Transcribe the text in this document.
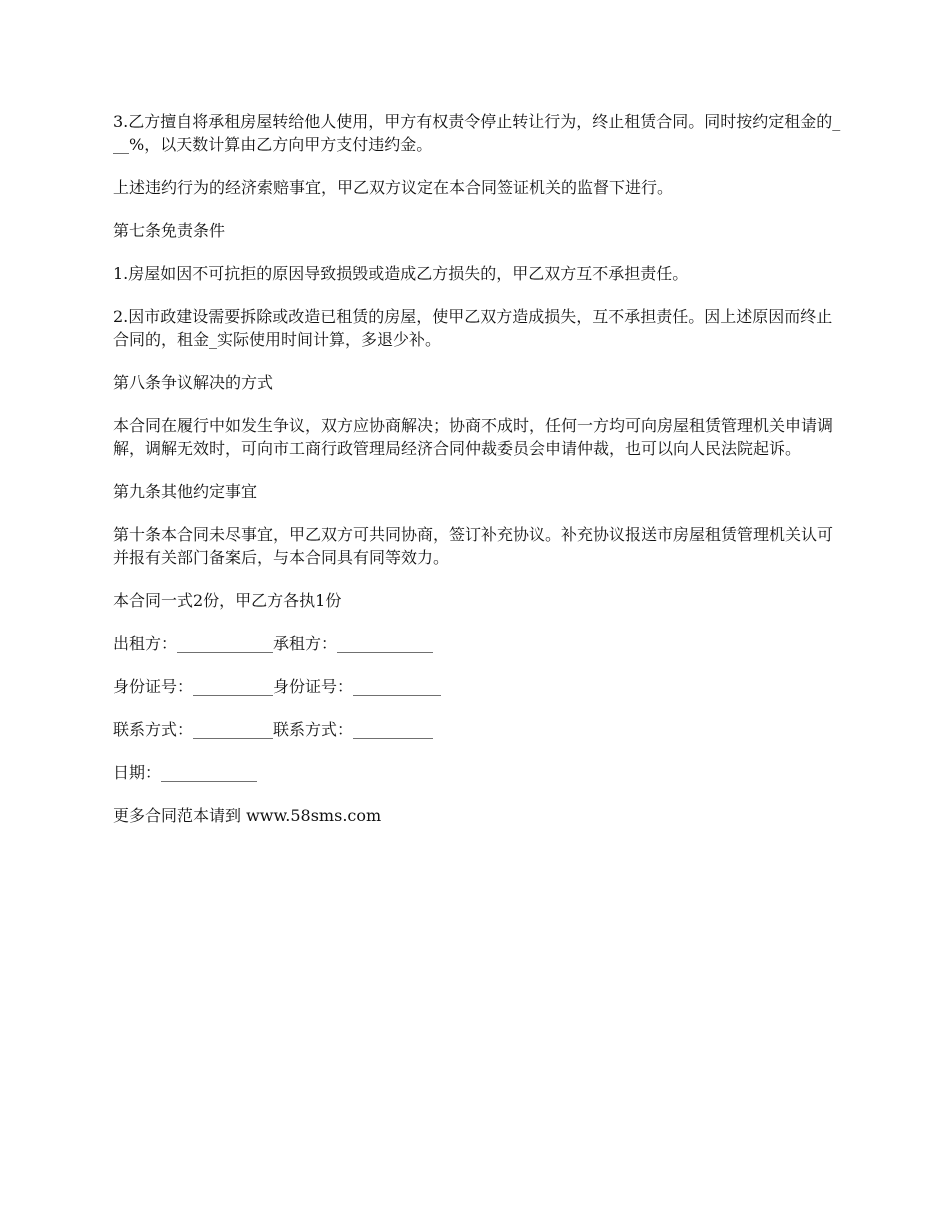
3.乙方擅自将承租房屋转给他人使用，甲方有权责令停止转让行为，终止租赁合同。同时按约定租金的___%，以天数计算由乙方向甲方支付违约金。

上述违约行为的经济索赔事宜，甲乙双方议定在本合同签证机关的监督下进行。

第七条免责条件

1.房屋如因不可抗拒的原因导致损毁或造成乙方损失的，甲乙双方互不承担责任。

2.因市政建设需要拆除或改造已租赁的房屋，使甲乙双方造成损失，互不承担责任。因上述原因而终止合同的，租金_实际使用时间计算，多退少补。

第八条争议解决的方式

本合同在履行中如发生争议，双方应协商解决；协商不成时，任何一方均可向房屋租赁管理机关申请调解，调解无效时，可向市工商行政管理局经济合同仲裁委员会申请仲裁，也可以向人民法院起诉。

第九条其他约定事宜

第十条本合同未尽事宜，甲乙双方可共同协商，签订补充协议。补充协议报送市房屋租赁管理机关认可并报有关部门备案后，与本合同具有同等效力。

本合同一式2份，甲乙方各执1份

出租方：____________承租方：____________
身份证号：__________身份证号：___________
联系方式：__________联系方式：__________
日期：____________
更多合同范本请到 www.58sms.com
